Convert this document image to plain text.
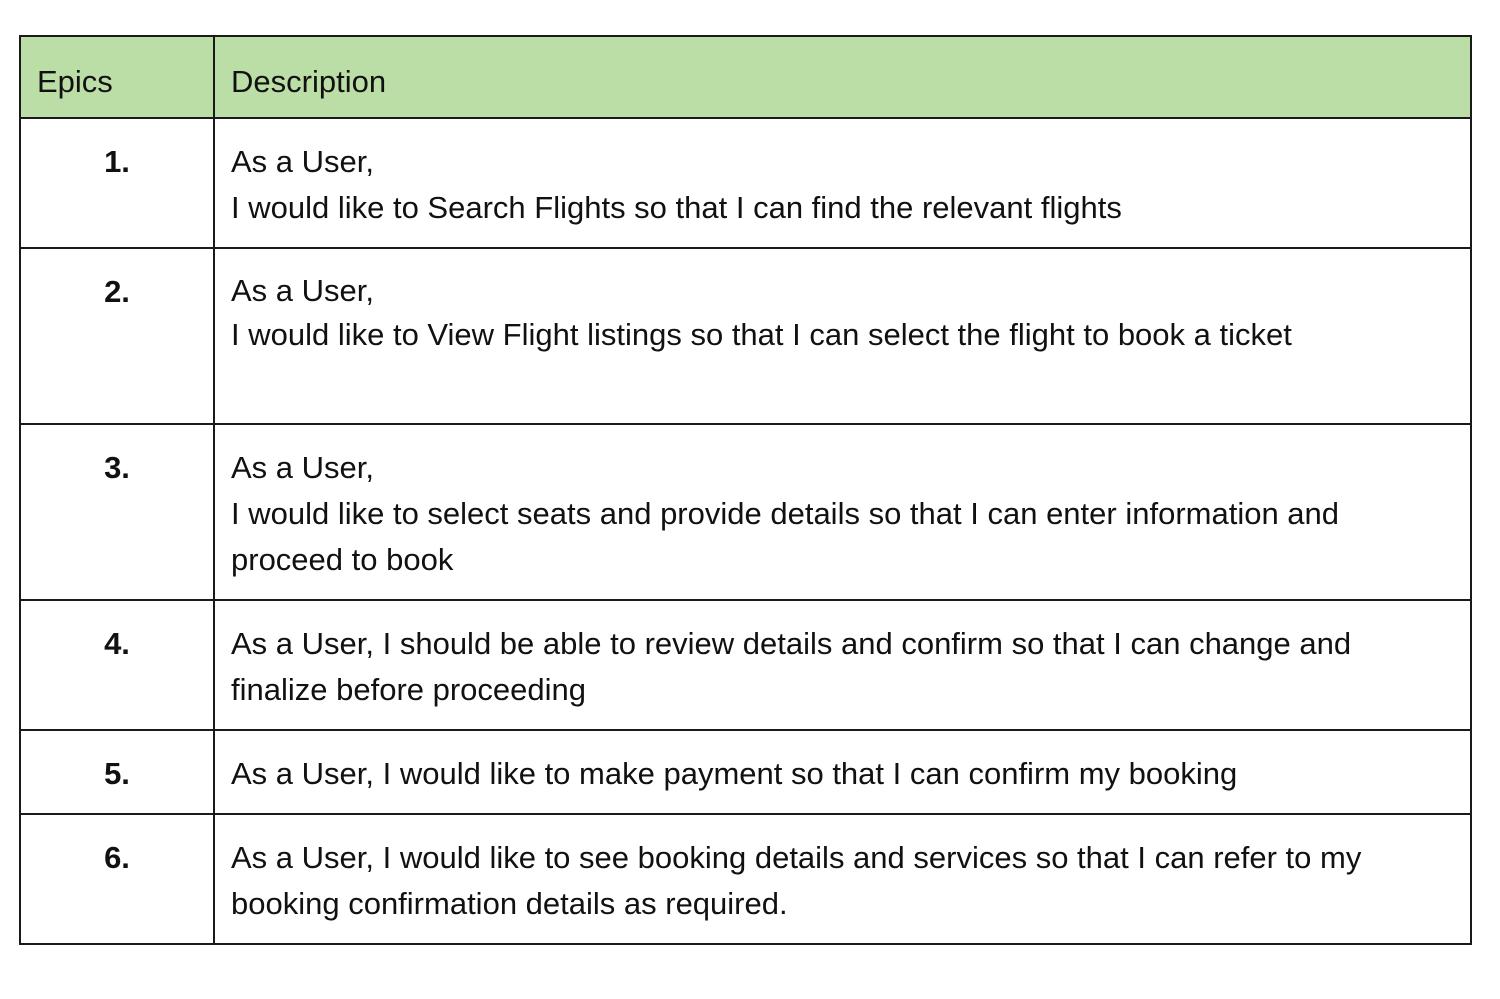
Epics	Description
1.	As a User,
I would like to Search Flights so that I can find the relevant flights

2.	As a User,
I would like to View Flight listings so that I can select the flight to book a ticket

3.	As a User,
I would like to select seats and provide details so that I can enter information and proceed to book

4.	As a User, I should be able to review details and confirm so that I can change and finalize before proceeding

5.	As a User, I would like to make payment so that I can confirm my booking

6.	As a User, I would like to see booking details and services so that I can refer to my booking confirmation details as required.
